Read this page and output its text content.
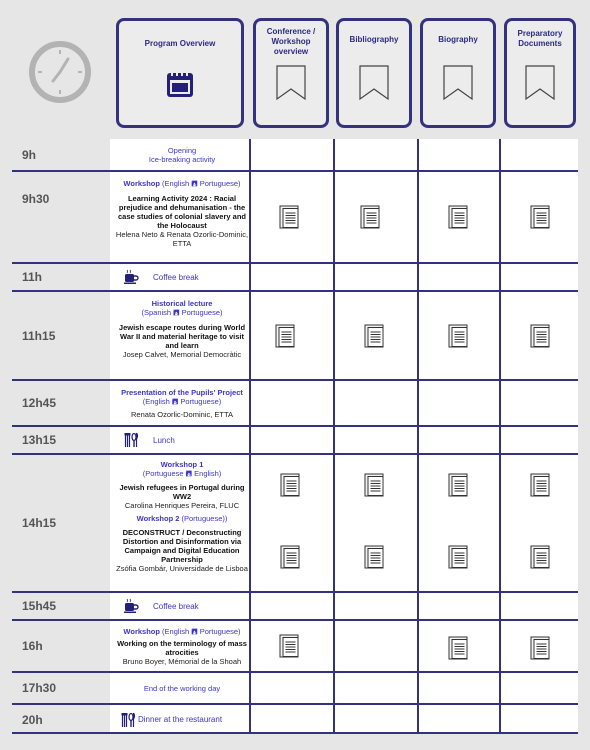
Program Overview
Conference / Workshop overview
Bibliography	Biography
Preparatory Documents
9h	Opening
Ice-breaking activity
9h30
Workshop (English 🖪 Portuguese)
Learning Activity 2024 : Racial prejudice and dehumanisation - the case studies of colonial slavery and the Holocaust
Helena Neto & Renata Ozorlic-Dominic, ETTA
11h	Coffee break
11h15
Historical lecture
(Spanish 🖪 Portuguese)
Jewish escape routes during World War II and material heritage to visit and learn
Josep Calvet, Memorial Democràtic
12h45
Presentation of the Pupils' Project (English 🖪 Portuguese)
Renata Ozorlic-Dominic, ETTA
13h15	Lunch
14h15
Workshop 1
(Portuguese 🖪 English)
Jewish refugees in Portugal during WW2
Carolina Henriques Pereira, FLUC
Workshop 2 (Portuguese))
DECONSTRUCT / Deconstructing Distortion and Disinformation via Campaign and Digital Education Partnership
Zsófia Gombár, Universidade de Lisboa
15h45	Coffee break
16h
Workshop (English 🖪 Portuguese)
Working on the terminology of mass atrocities
Bruno Boyer, Mémorial de la Shoah
17h30	End of the working day
20h	Dinner at the restaurant
